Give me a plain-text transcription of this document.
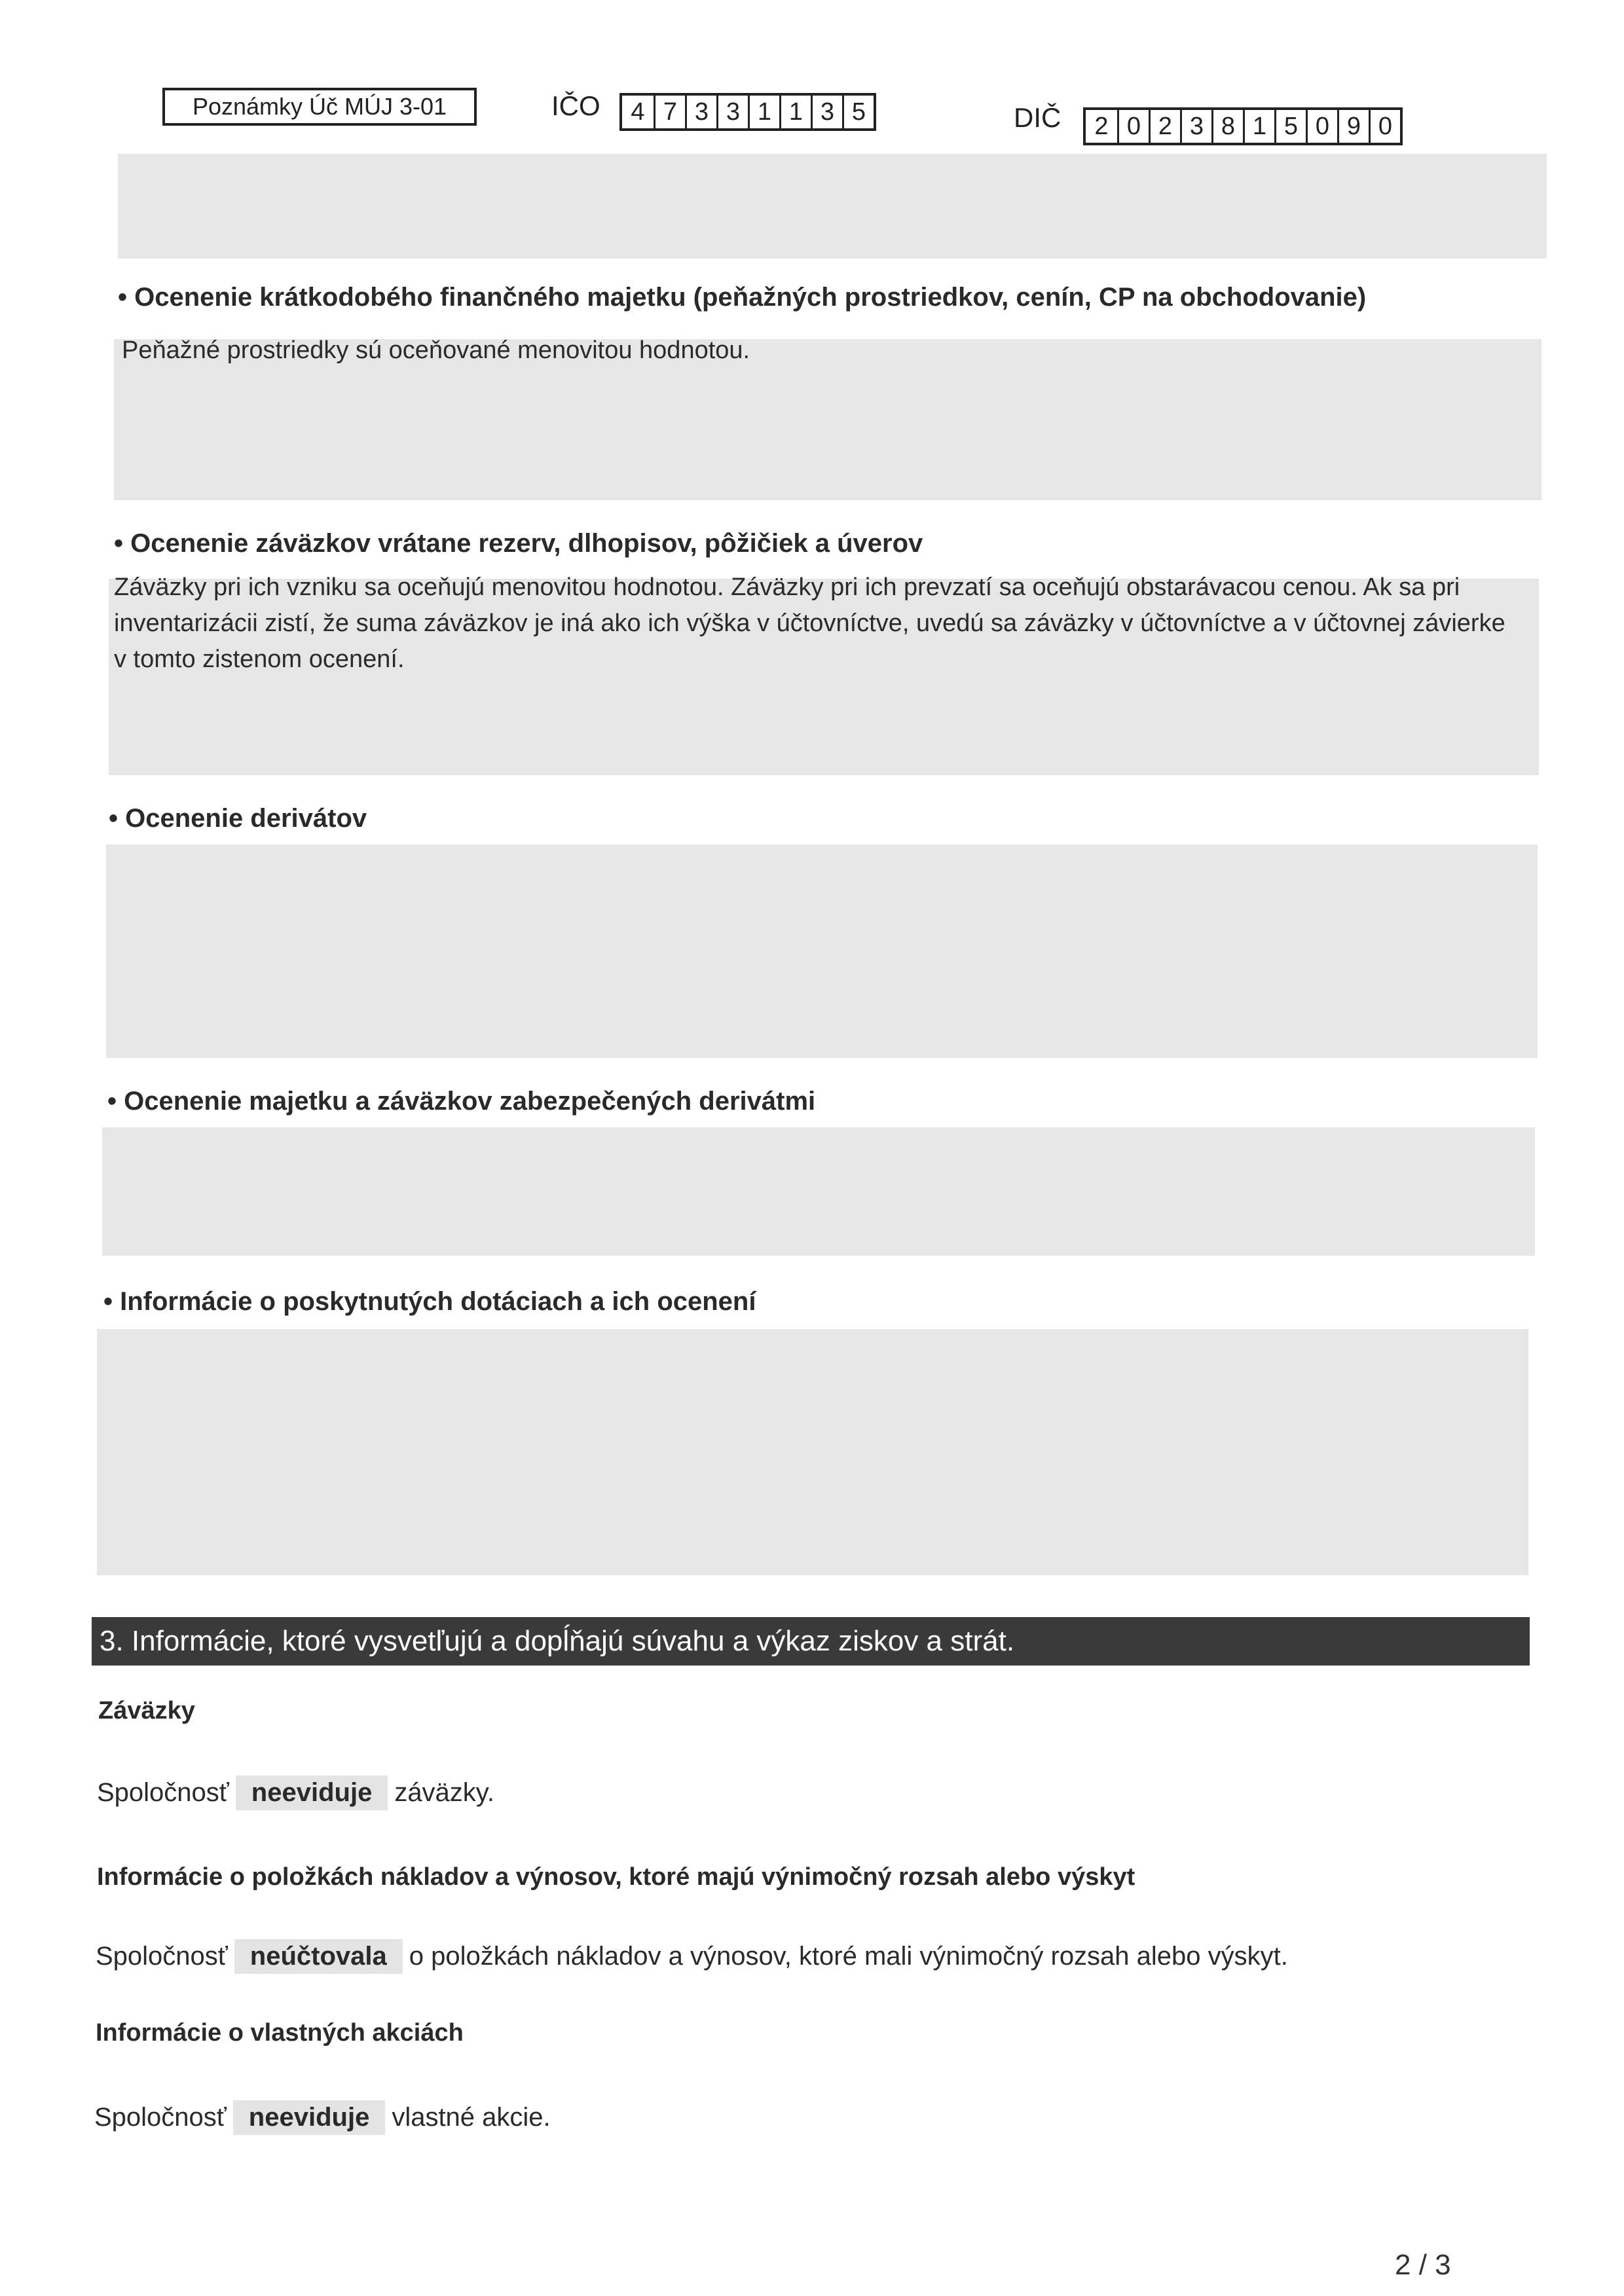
Poznámky Úč MÚJ 3-01	IČO	4 7 3 3 1 1 3 5	DIČ	2 0 2 3 8 1 5 0 9 0
• Ocenenie krátkodobého finančného majetku (peňažných prostriedkov, cenín, CP na obchodovanie)
Peňažné prostriedky sú oceňované menovitou hodnotou.
• Ocenenie záväzkov vrátane rezerv, dlhopisov, pôžičiek a úverov
Záväzky pri ich vzniku sa oceňujú menovitou hodnotou. Záväzky pri ich prevzatí sa oceňujú obstarávacou cenou. Ak sa pri inventarizácii zistí, že suma záväzkov je iná ako ich výška v účtovníctve, uvedú sa záväzky v účtovníctve a v účtovnej závierke v tomto zistenom ocenení.
• Ocenenie derivátov
• Ocenenie majetku a záväzkov zabezpečených derivátmi
• Informácie o poskytnutých dotáciach a ich ocenení
3. Informácie, ktoré vysvetľujú a dopĺňajú súvahu a výkaz ziskov a strát.
Záväzky
Spoločnosť neeviduje záväzky.
Informácie o položkách nákladov a výnosov, ktoré majú výnimočný rozsah alebo výskyt
Spoločnosť neúčtovala o položkách nákladov a výnosov, ktoré mali výnimočný rozsah alebo výskyt.
Informácie o vlastných akciách
Spoločnosť neeviduje vlastné akcie.
2 / 3
